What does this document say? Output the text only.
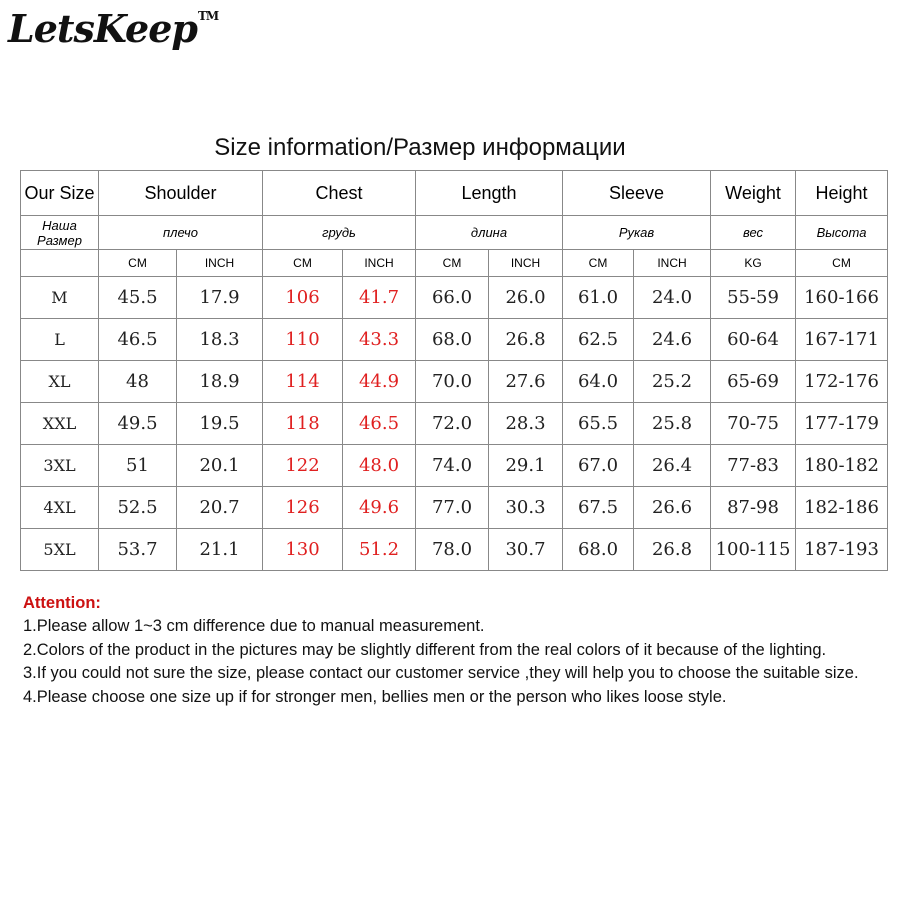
LetsKeep™
Size information/Размер информации
Our Size	Shoulder		Chest		Length		Sleeve		Weight	Height
Наша Размер	плечо		грудь		длина		Рукав		вес	Высота
	CM	INCH	CM	INCH	CM	INCH	CM	INCH	KG	CM
M	45.5	17.9	106	41.7	66.0	26.0	61.0	24.0	55-59	160-166
L	46.5	18.3	110	43.3	68.0	26.8	62.5	24.6	60-64	167-171
XL	48	18.9	114	44.9	70.0	27.6	64.0	25.2	65-69	172-176
XXL	49.5	19.5	118	46.5	72.0	28.3	65.5	25.8	70-75	177-179
3XL	51	20.1	122	48.0	74.0	29.1	67.0	26.4	77-83	180-182
4XL	52.5	20.7	126	49.6	77.0	30.3	67.5	26.6	87-98	182-186
5XL	53.7	21.1	130	51.2	78.0	30.7	68.0	26.8	100-115	187-193

Attention:

1.Please allow 1~3 cm difference due to manual measurement.

2.Colors of the product in the pictures may be slightly different from the real colors of it because of the lighting.

3.If you could not sure the size, please contact our customer service ,they will help you to choose the suitable size.

4.Please choose one size up if for stronger men, bellies men or the person who likes loose style.
